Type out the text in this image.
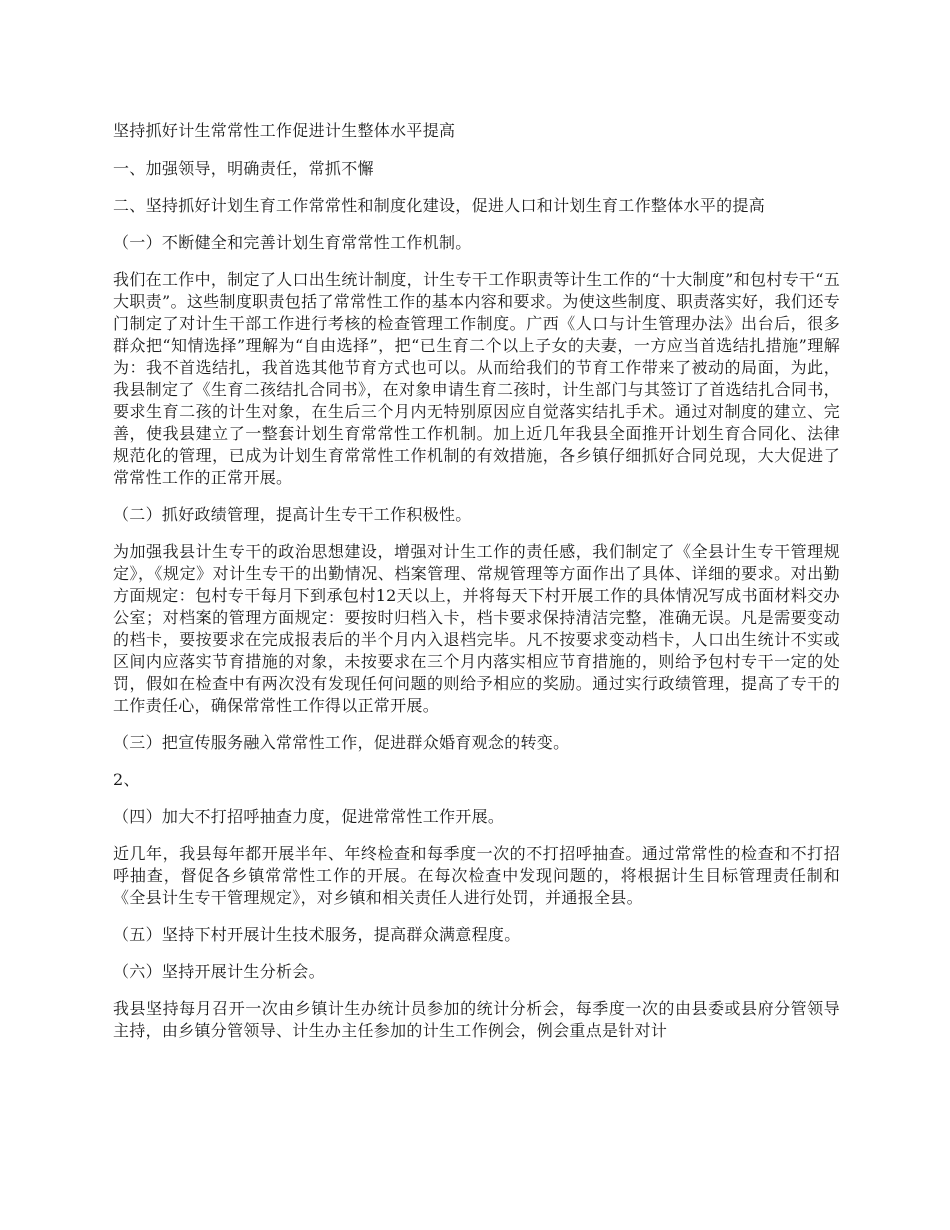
坚持抓好计生常常性工作促进计生整体水平提高

一、加强领导，明确责任，常抓不懈

二、坚持抓好计划生育工作常常性和制度化建设，促进人口和计划生育工作整体水平的提高

（一）不断健全和完善计划生育常常性工作机制。

我们在工作中，制定了人口出生统计制度，计生专干工作职责等计生工作的“十大制度”和包村专干“五大职责”。这些制度职责包括了常常性工作的基本内容和要求。为使这些制度、职责落实好，我们还专门制定了对计生干部工作进行考核的检查管理工作制度。广西《人口与计生管理办法》出台后，很多群众把“知情选择”理解为“自由选择”，把“已生育二个以上子女的夫妻，一方应当首选结扎措施”理解为：我不首选结扎，我首选其他节育方式也可以。从而给我们的节育工作带来了被动的局面，为此，我县制定了《生育二孩结扎合同书》，在对象申请生育二孩时，计生部门与其签订了首选结扎合同书，要求生育二孩的计生对象，在生后三个月内无特别原因应自觉落实结扎手术。通过对制度的建立、完善，使我县建立了一整套计划生育常常性工作机制。加上近几年我县全面推开计划生育合同化、法律规范化的管理，已成为计划生育常常性工作机制的有效措施，各乡镇仔细抓好合同兑现，大大促进了常常性工作的正常开展。

（二）抓好政绩管理，提高计生专干工作积极性。

为加强我县计生专干的政治思想建设，增强对计生工作的责任感，我们制定了《全县计生专干管理规定》，《规定》对计生专干的出勤情况、档案管理、常规管理等方面作出了具体、详细的要求。对出勤方面规定：包村专干每月下到承包村12天以上，并将每天下村开展工作的具体情况写成书面材料交办公室；对档案的管理方面规定：要按时归档入卡，档卡要求保持清洁完整，准确无误。凡是需要变动的档卡，要按要求在完成报表后的半个月内入退档完毕。凡不按要求变动档卡，人口出生统计不实或区间内应落实节育措施的对象，未按要求在三个月内落实相应节育措施的，则给予包村专干一定的处罚，假如在检查中有两次没有发现任何问题的则给予相应的奖励。通过实行政绩管理，提高了专干的工作责任心，确保常常性工作得以正常开展。

（三）把宣传服务融入常常性工作，促进群众婚育观念的转变。

2、

（四）加大不打招呼抽查力度，促进常常性工作开展。

近几年，我县每年都开展半年、年终检查和每季度一次的不打招呼抽查。通过常常性的检查和不打招呼抽查，督促各乡镇常常性工作的开展。在每次检查中发现问题的，将根据计生目标管理责任制和《全县计生专干管理规定》，对乡镇和相关责任人进行处罚，并通报全县。

（五）坚持下村开展计生技术服务，提高群众满意程度。

（六）坚持开展计生分析会。

我县坚持每月召开一次由乡镇计生办统计员参加的统计分析会，每季度一次的由县委或县府分管领导主持，由乡镇分管领导、计生办主任参加的计生工作例会，例会重点是针对计
